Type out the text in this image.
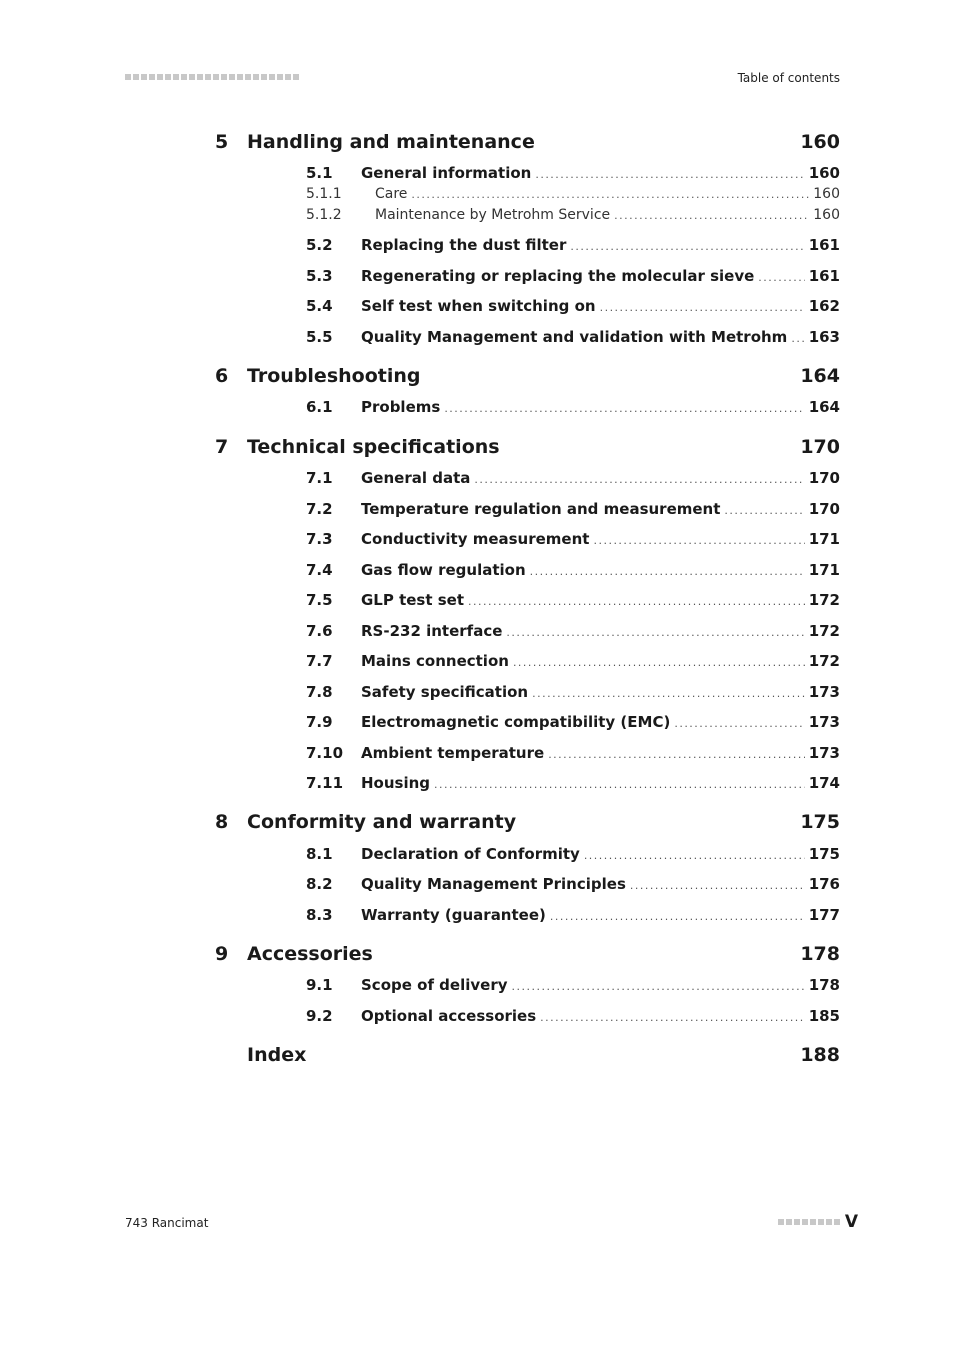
Table of contents
5 Handling and maintenance	160
5.1 General information . . .	160
5.1.1 Care . . .	160
5.1.2 Maintenance by Metrohm Service . . .	160
5.2 Replacing the dust filter . . .	161
5.3 Regenerating or replacing the molecular sieve . . .	161
5.4 Self test when switching on . . .	162
5.5 Quality Management and validation with Metrohm . . . 163
6 Troubleshooting	164
6.1 Problems . . .	164
7 Technical specifications	170
7.1 General data . . .	170
7.2 Temperature regulation and measurement . . .	170
7.3 Conductivity measurement . . .	171
7.4 Gas flow regulation . . .	171
7.5 GLP test set . . .	172
7.6 RS-232 interface . . .	172
7.7 Mains connection . . .	172
7.8 Safety specification . . .	173
7.9 Electromagnetic compatibility (EMC) . . .	173
7.10 Ambient temperature . . .	173
7.11 Housing . . .	174
8 Conformity and warranty	175
8.1 Declaration of Conformity . . .	175
8.2 Quality Management Principles . . .	176
8.3 Warranty (guarantee) . . .	177
9 Accessories	178
9.1 Scope of delivery . . .	178
9.2 Optional accessories . . .	185
Index	188
743 Rancimat	V
